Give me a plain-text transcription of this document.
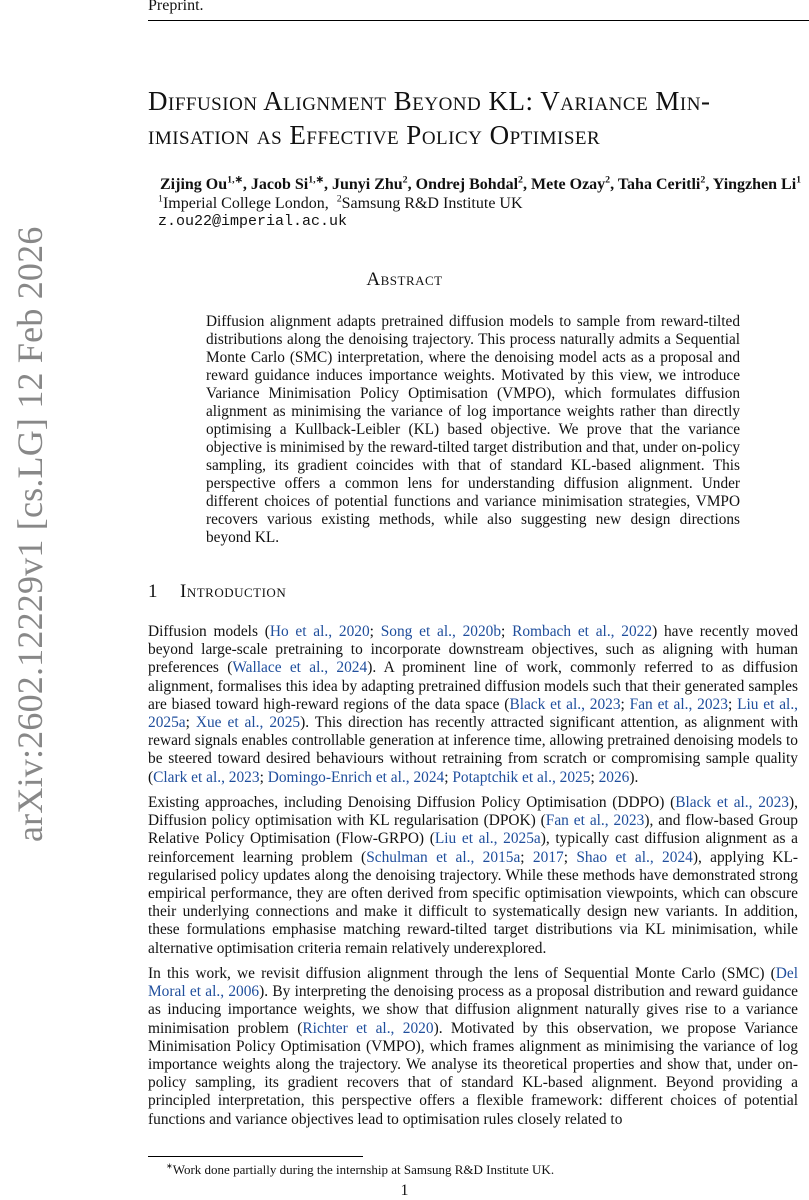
Preprint.
arXiv:2602.12229v1 [cs.LG] 12 Feb 2026
Diffusion Alignment Beyond KL: Variance Min-
imisation as Effective Policy Optimiser
Zijing $Ou^{1,∗}$, Jacob $Si^{1,∗}$, Junyi Zhu$^2$, Ondrej Bohdal$^2$, Mete Ozay$^2$, Taha Ceritli$^2$, Yingzhen Li$^1$
$^1$Imperial College London, $^2$Samsung R&D Institute UK
z.ou22@imperial.ac.uk
Abstract
Diffusion alignment adapts pretrained diffusion models to sample from reward-tilted distributions along the denoising trajectory. This process naturally admits a Sequential Monte Carlo (SMC) interpretation, where the denoising model acts as a proposal and reward guidance induces importance weights. Motivated by this view, we introduce Variance Minimisation Policy Optimisation (VMPO), which formulates diffusion alignment as minimising the variance of log importance weights rather than directly optimising a Kullback-Leibler (KL) based objective. We prove that the variance objective is minimised by the reward-tilted target distribution and that, under on-policy sampling, its gradient coincides with that of standard KL-based alignment. This perspective offers a common lens for understanding diffusion alignment. Under different choices of potential functions and variance minimisation strategies, VMPO recovers various existing methods, while also suggesting new design directions beyond KL.
1 Introduction
Diffusion models (Ho et al., 2020; Song et al., 2020b; Rombach et al., 2022) have recently moved beyond large-scale pretraining to incorporate downstream objectives, such as aligning with human preferences (Wallace et al., 2024). A prominent line of work, commonly referred to as diffusion alignment, formalises this idea by adapting pretrained diffusion models such that their generated samples are biased toward high-reward regions of the data space (Black et al., 2023; Fan et al., 2023; Liu et al., 2025a; Xue et al., 2025). This direction has recently attracted significant attention, as alignment with reward signals enables controllable generation at inference time, allowing pretrained denoising models to be steered toward desired behaviours without retraining from scratch or compromising sample quality (Clark et al., 2023; Domingo-Enrich et al., 2024; Potaptchik et al., 2025; 2026).
Existing approaches, including Denoising Diffusion Policy Optimisation (DDPO) (Black et al., 2023), Diffusion policy optimisation with KL regularisation (DPOK) (Fan et al., 2023), and flow-based Group Relative Policy Optimisation (Flow-GRPO) (Liu et al., 2025a), typically cast diffusion alignment as a reinforcement learning problem (Schulman et al., 2015a; 2017; Shao et al., 2024), applying KL-regularised policy updates along the denoising trajectory. While these methods have demonstrated strong empirical performance, they are often derived from specific optimisation viewpoints, which can obscure their underlying connections and make it difficult to systematically design new variants. In addition, these formulations emphasise matching reward-tilted target distributions via KL minimisation, while alternative optimisation criteria remain relatively underexplored.
In this work, we revisit diffusion alignment through the lens of Sequential Monte Carlo (SMC) (Del Moral et al., 2006). By interpreting the denoising process as a proposal distribution and reward guidance as inducing importance weights, we show that diffusion alignment naturally gives rise to a variance minimisation problem (Richter et al., 2020). Motivated by this observation, we propose Variance Minimisation Policy Optimisation (VMPO), which frames alignment as minimising the variance of log importance weights along the trajectory. We analyse its theoretical properties and show that, under on-policy sampling, its gradient recovers that of standard KL-based alignment. Beyond providing a principled interpretation, this perspective offers a flexible framework: different choices of potential functions and variance objectives lead to optimisation rules closely related to
∗Work done partially during the internship at Samsung R&D Institute UK.
1
